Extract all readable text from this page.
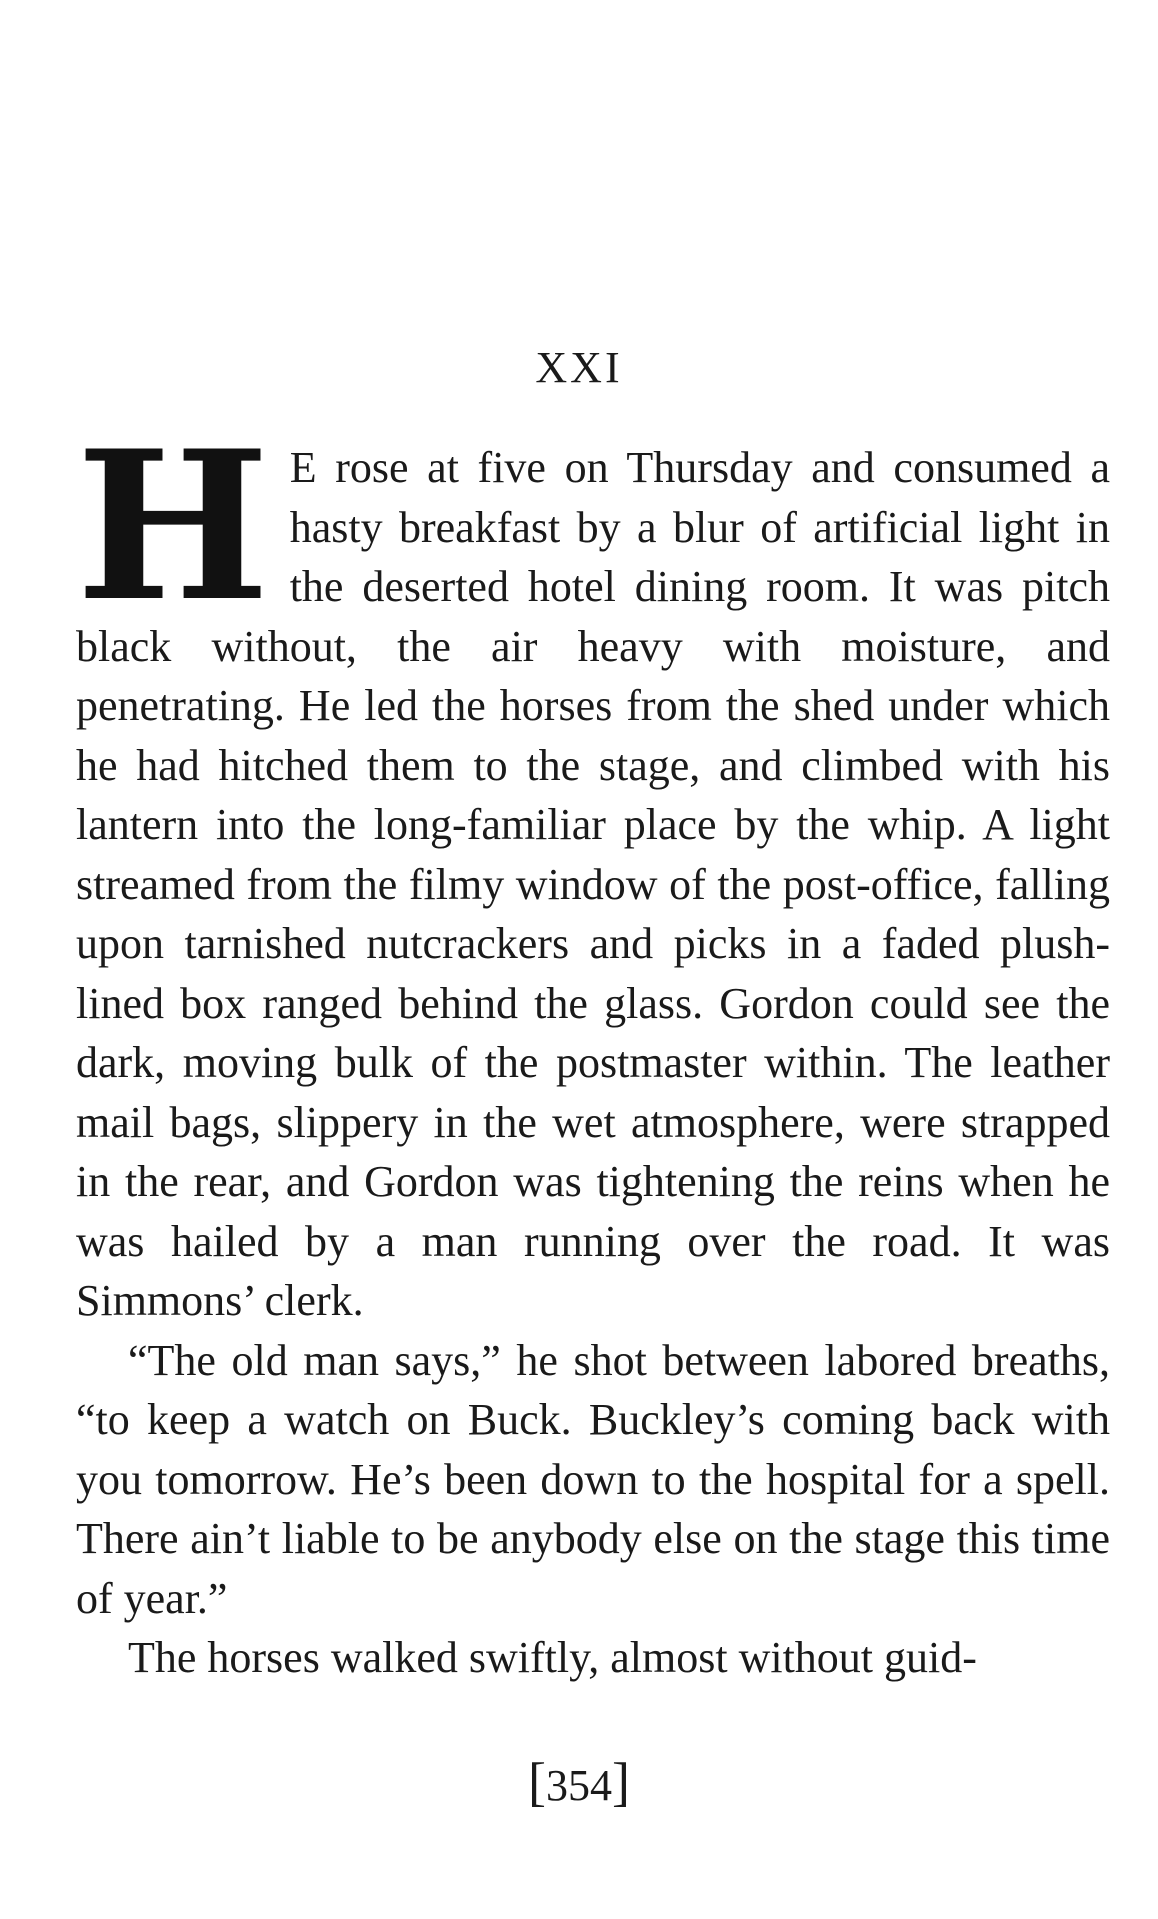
XXI

H E rose at five on Thursday and consumed a hasty breakfast by a blur of artificial light in the deserted hotel dining room. It was pitch black without, the air heavy with moisture, and penetrating. He led the horses from the shed under which he had hitched them to the stage, and climbed with his lantern into the long-familiar place by the whip. A light streamed from the filmy window of the post-office, falling upon tarnished nutcrackers and picks in a faded plush-lined box ranged behind the glass. Gordon could see the dark, moving bulk of the postmaster within. The leather mail bags, slippery in the wet atmosphere, were strapped in the rear, and Gordon was tightening the reins when he was hailed by a man running over the road. It was Simmons’ clerk.

“The old man says,” he shot between labored breaths, “to keep a watch on Buck. Buckley’s coming back with you tomorrow. He’s been down to the hospital for a spell. There ain’t liable to be anybody else on the stage this time of year.”

The horses walked swiftly, almost without guid-

[354]
